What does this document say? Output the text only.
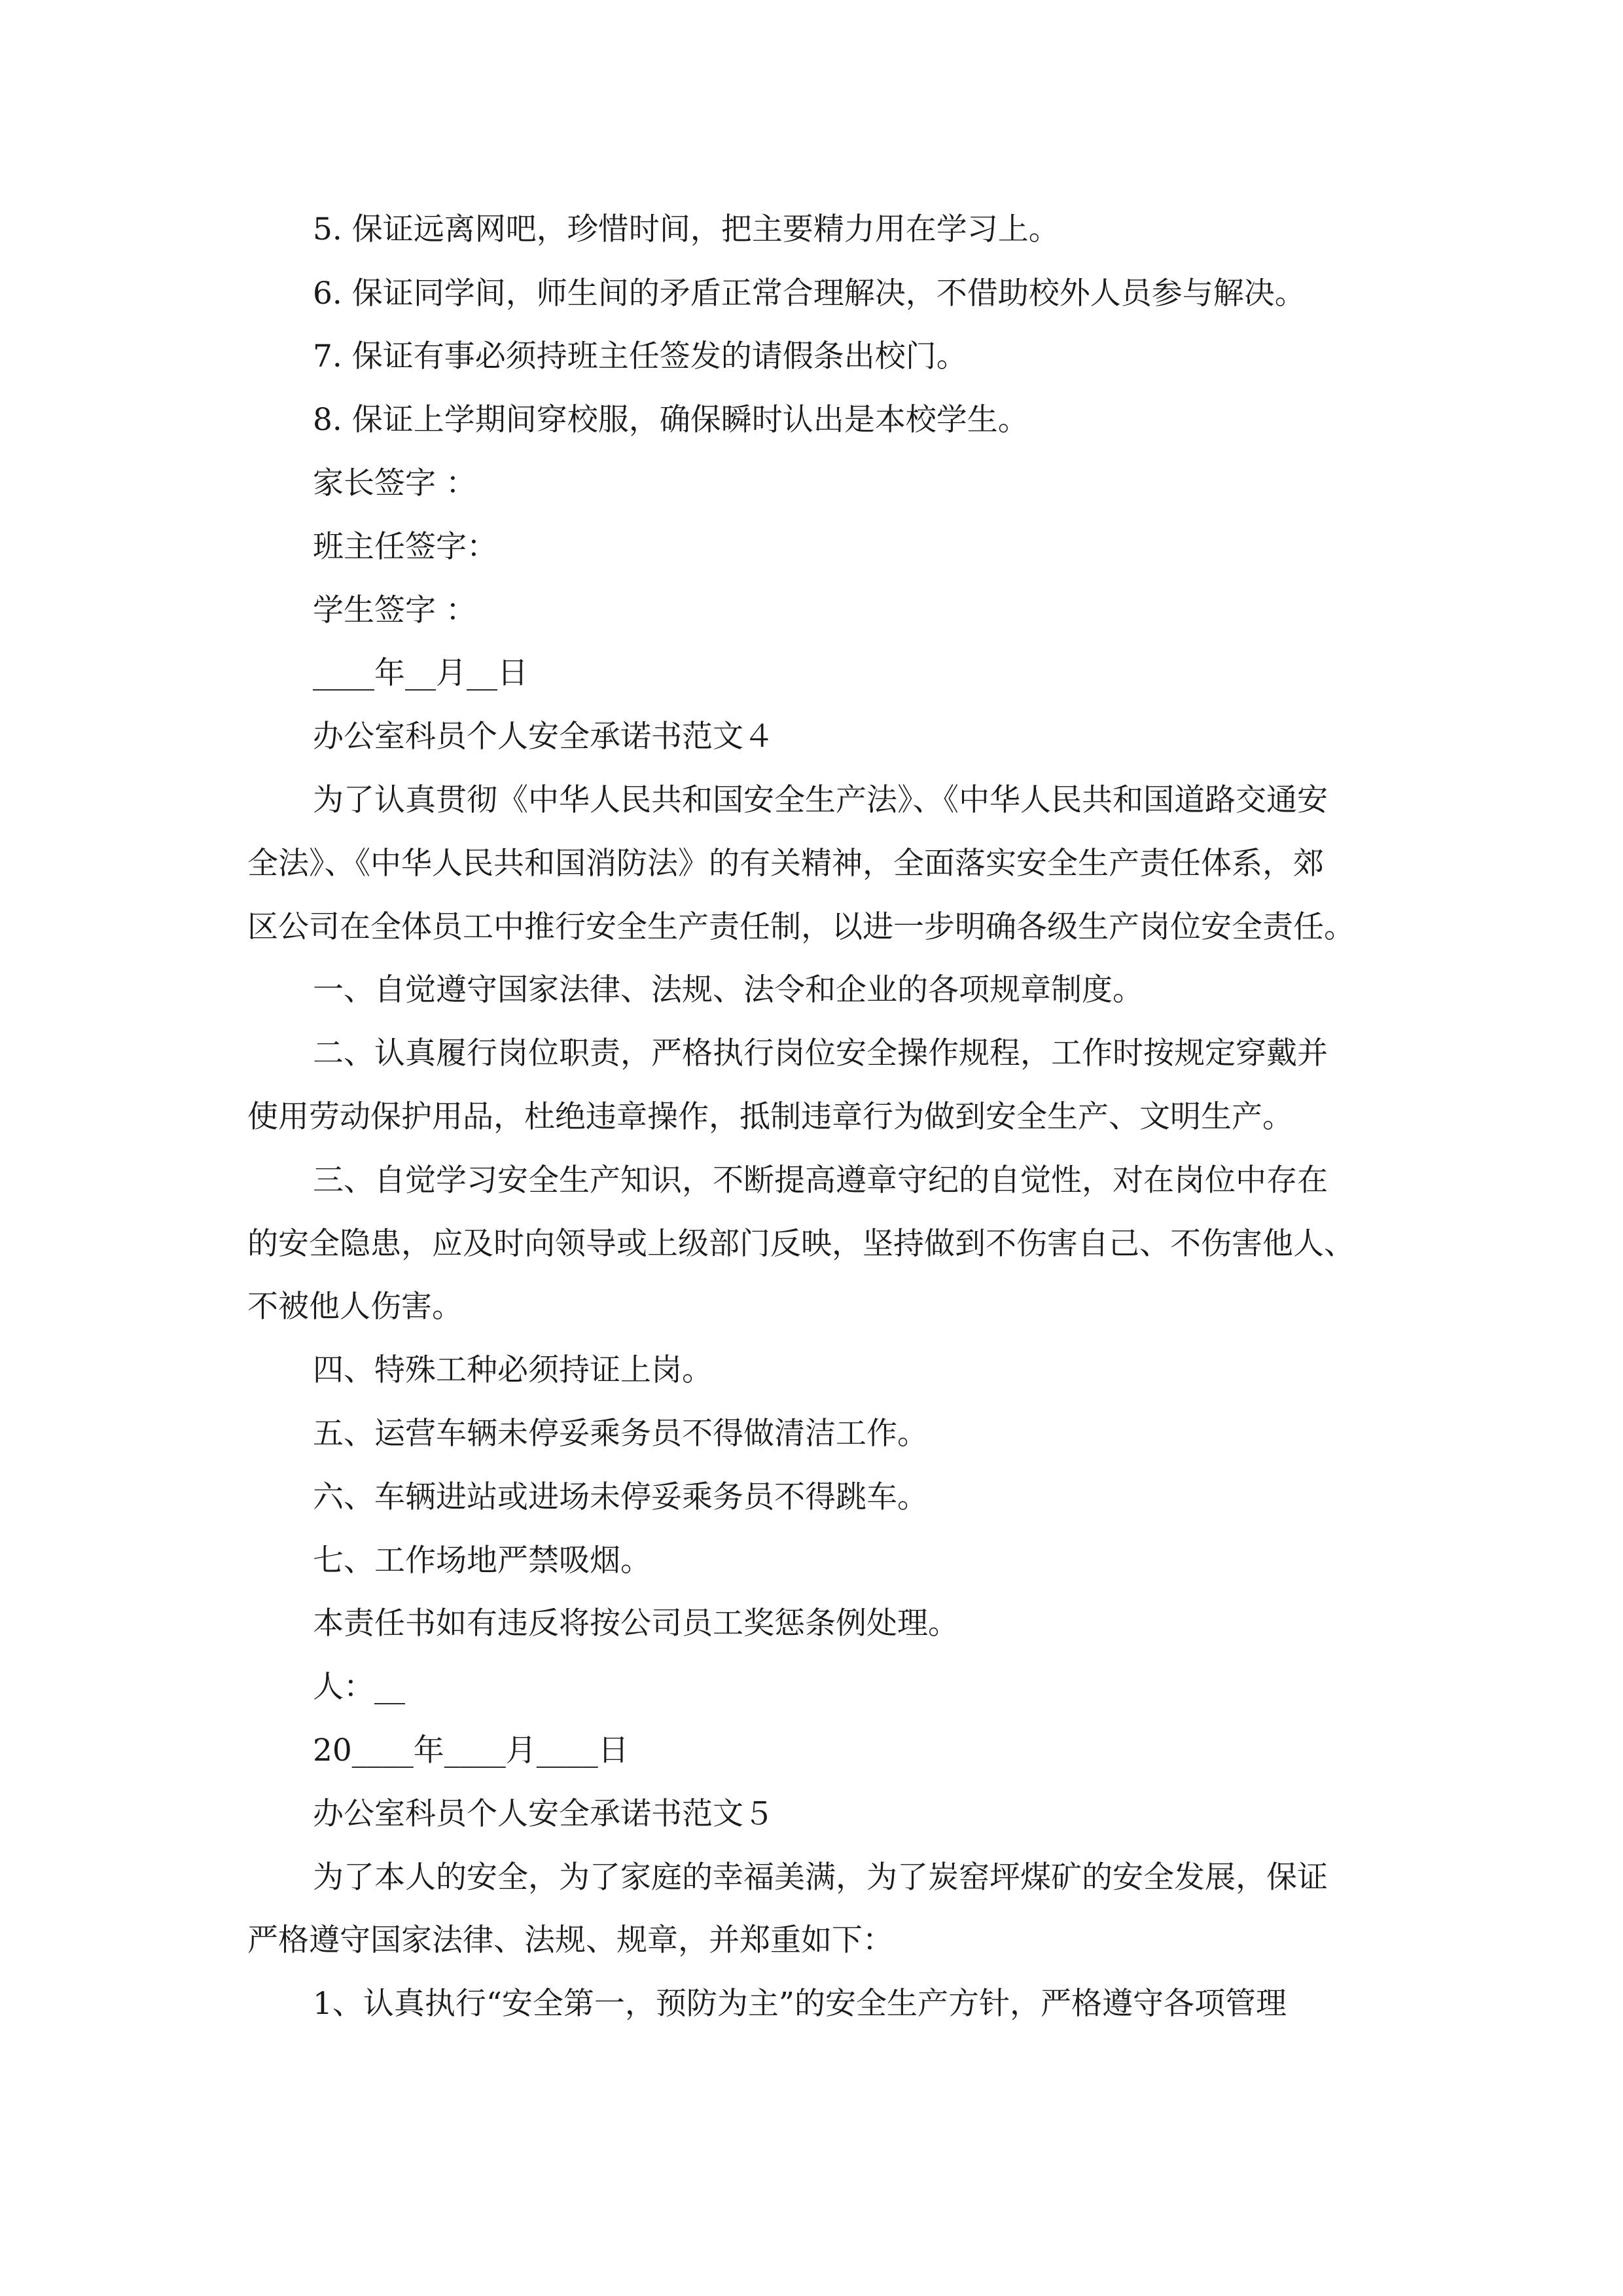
5. 保证远离网吧，珍惜时间，把主要精力用在学习上。
6. 保证同学间，师生间的矛盾正常合理解决，不借助校外人员参与解决。
7. 保证有事必须持班主任签发的请假条出校门。
8. 保证上学期间穿校服，确保瞬时认出是本校学生。
家长签字 ：
班主任签字：
学生签字 ：
____年__月__日
办公室科员个人安全承诺书范文４
为了认真贯彻《中华人民共和国安全生产法》、《中华人民共和国道路交通安
全法》、《中华人民共和国消防法》的有关精神，全面落实安全生产责任体系，郊
区公司在全体员工中推行安全生产责任制，以进一步明确各级生产岗位安全责任。
一、自觉遵守国家法律、法规、法令和企业的各项规章制度。
二、认真履行岗位职责，严格执行岗位安全操作规程，工作时按规定穿戴并
使用劳动保护用品，杜绝违章操作，抵制违章行为做到安全生产、文明生产。
三、自觉学习安全生产知识，不断提高遵章守纪的自觉性，对在岗位中存在
的安全隐患，应及时向领导或上级部门反映，坚持做到不伤害自己、不伤害他人、
不被他人伤害。
四、特殊工种必须持证上岗。
五、运营车辆未停妥乘务员不得做清洁工作。
六、车辆进站或进场未停妥乘务员不得跳车。
七、工作场地严禁吸烟。
本责任书如有违反将按公司员工奖惩条例处理。
人：__
20____年____月____日
办公室科员个人安全承诺书范文５
为了本人的安全，为了家庭的幸福美满，为了炭窑坪煤矿的安全发展，保证
严格遵守国家法律、法规、规章，并郑重如下：
1、认真执行“安全第一，预防为主”的安全生产方针，严格遵守各项管理
